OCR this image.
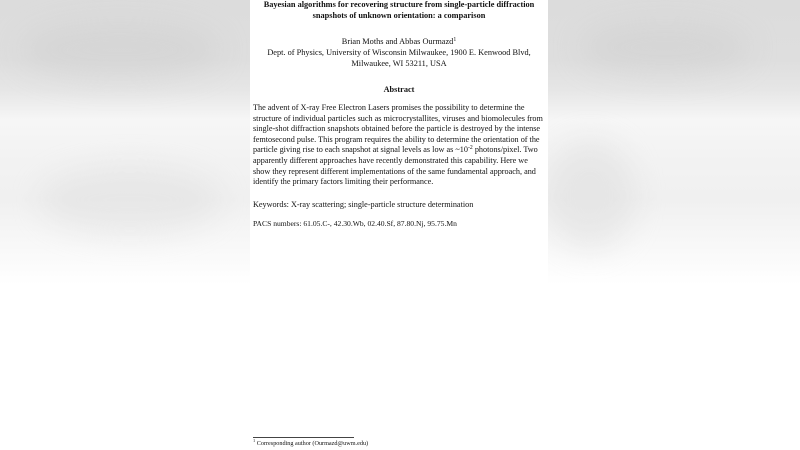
Bayesian algorithms for recovering structure from single-particle diffraction
snapshots of unknown orientation: a comparison
Brian Moths and Abbas Ourmazd$^1$
Dept. of Physics, University of Wisconsin Milwaukee, 1900 E. Kenwood Blvd,
Milwaukee, WI 53211, USA
Abstract
The advent of X-ray Free Electron Lasers promises the possibility to determine the
structure of individual particles such as microcrystallites, viruses and biomolecules from
single-shot diffraction snapshots obtained before the particle is destroyed by the intense
femtosecond pulse. This program requires the ability to determine the orientation of the
particle giving rise to each snapshot at signal levels as low as $\sim 10^{-2}$ photons/pixel. Two
apparently different approaches have recently demonstrated this capability. Here we
show they represent different implementations of the same fundamental approach, and
identify the primary factors limiting their performance.
Keywords: X-ray scattering; single-particle structure determination
PACS numbers: 61.05.C-, 42.30.Wb, 02.40.Sf, 87.80.Nj, 95.75.Mn
$^1$ Corresponding author (Ourmazd@uwm.edu)
